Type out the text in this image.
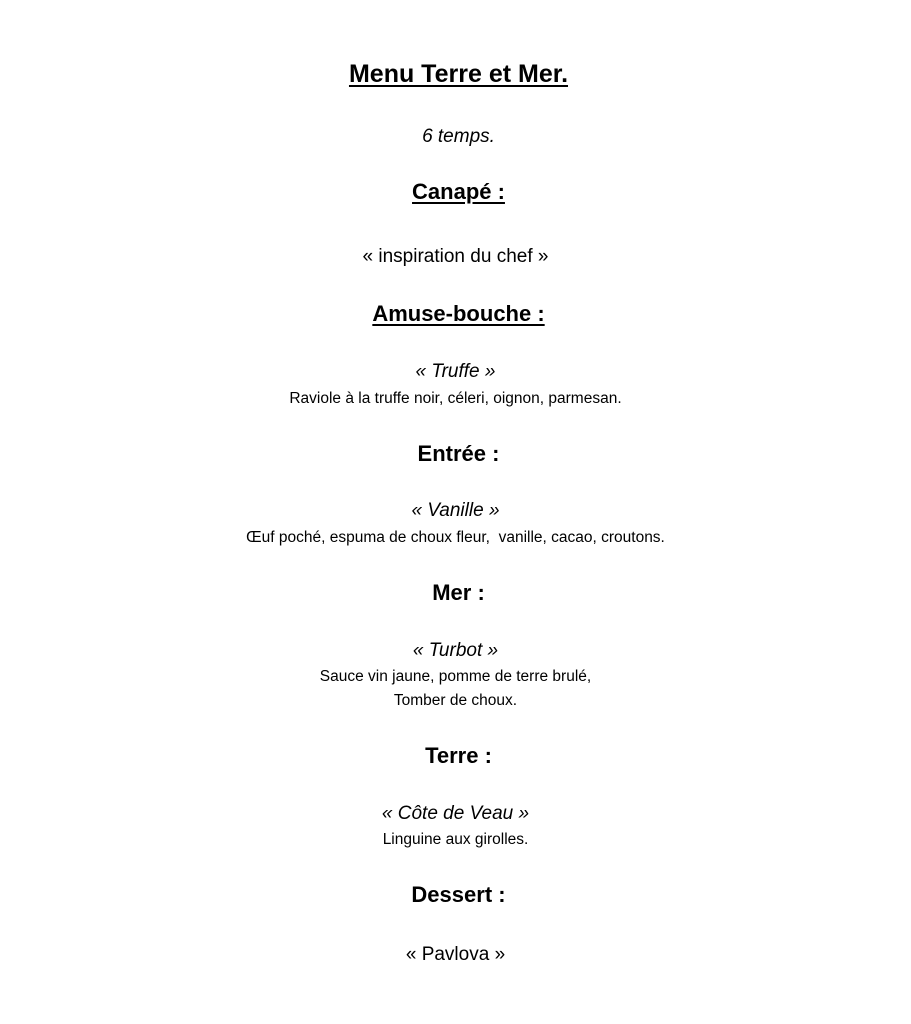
Menu Terre et Mer.
6 temps.
Canapé :
« inspiration du chef »
Amuse-bouche :
« Truffe »
Raviole à la truffe noir, céleri, oignon, parmesan.
Entrée :
« Vanille »
Œuf poché, espuma de choux fleur,  vanille, cacao, croutons.
Mer :
« Turbot »
Sauce vin jaune, pomme de terre brulé,
Tomber de choux.
Terre :
« Côte de Veau »
Linguine aux girolles.
Dessert :
« Pavlova »
